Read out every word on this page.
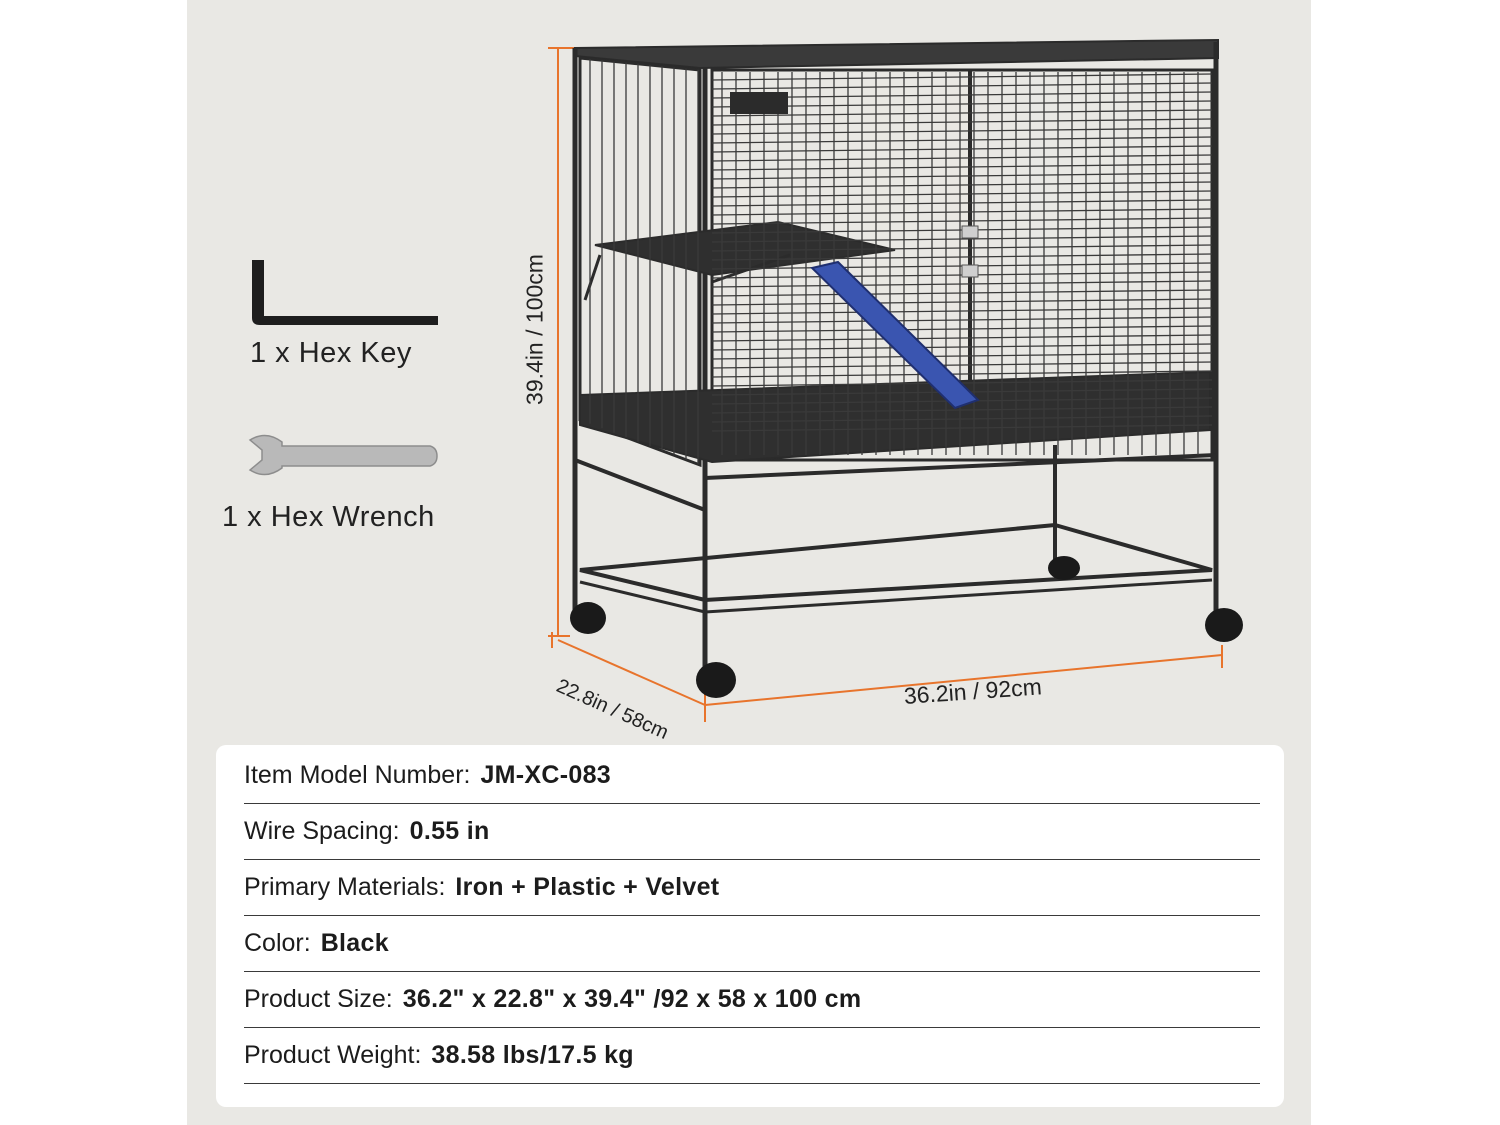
1 x Hex Key
1 x Hex Wrench
39.4in / 100cm
22.8in / 58cm	36.2in / 92cm
Item Model Number: JM-XC-083
Wire Spacing: 0.55 in
Primary Materials: Iron + Plastic + Velvet
Color: Black
Product Size: 36.2" x 22.8" x 39.4" /92 x 58 x 100 cm
Product Weight: 38.58 lbs/17.5 kg
